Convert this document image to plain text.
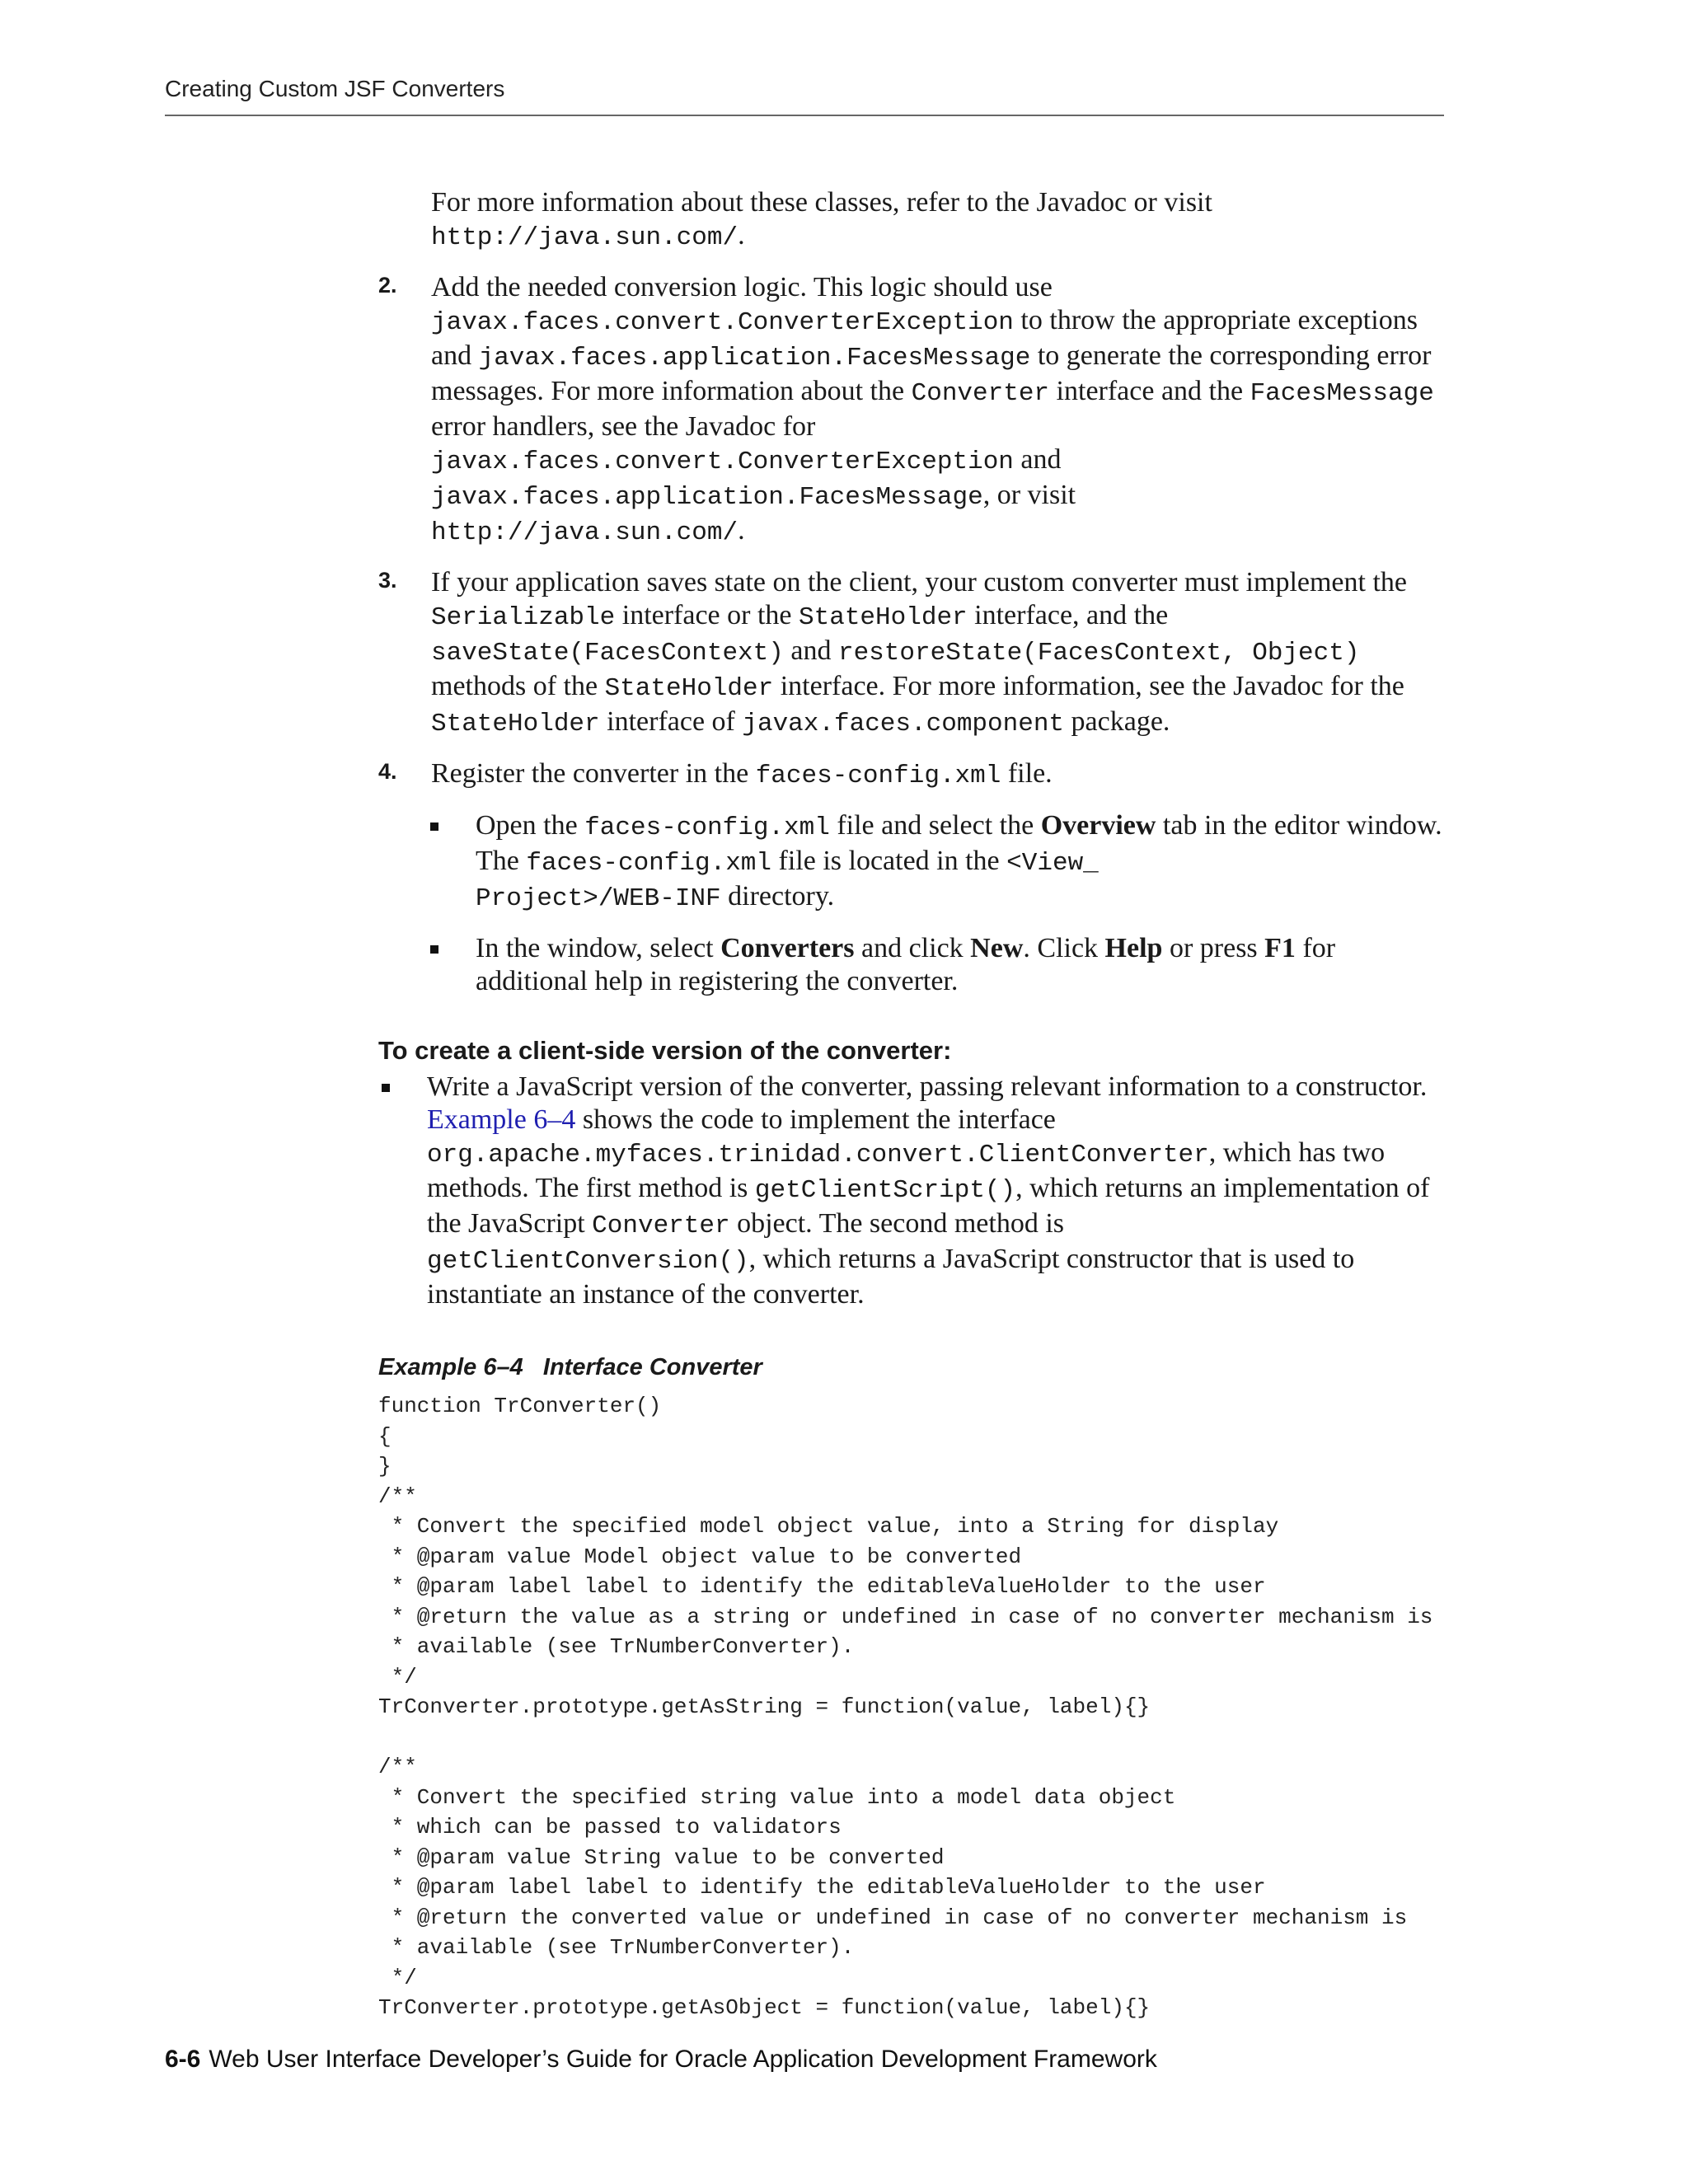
Creating Custom JSF Converters

For more information about these classes, refer to the Javadoc or visit
http://java.sun.com/.

2. Add the needed conversion logic. This logic should use
javax.faces.convert.ConverterException to throw the appropriate exceptions and javax.faces.application.FacesMessage to generate the corresponding error messages. For more information about the Converter interface and the FacesMessage error handlers, see the Javadoc for
javax.faces.convert.ConverterException and
javax.faces.application.FacesMessage, or visit
http://java.sun.com/.

3. If your application saves state on the client, your custom converter must implement the Serializable interface or the StateHolder interface, and the saveState(FacesContext) and restoreState(FacesContext, Object) methods of the StateHolder interface. For more information, see the Javadoc for the StateHolder interface of javax.faces.component package.

4. Register the converter in the faces-config.xml file.

Open the faces-config.xml file and select the Overview tab in the editor window. The faces-config.xml file is located in the <View_
Project>/WEB-INF directory.

In the window, select Converters and click New. Click Help or press F1 for additional help in registering the converter.

To create a client-side version of the converter:

Write a JavaScript version of the converter, passing relevant information to a constructor. Example 6–4 shows the code to implement the interface
org.apache.myfaces.trinidad.convert.ClientConverter, which has two methods. The first method is getClientScript(), which returns an implementation of the JavaScript Converter object. The second method is
getClientConversion(), which returns a JavaScript constructor that is used to instantiate an instance of the converter.

Example 6–4 Interface Converter
function TrConverter()
{
}
/**
* Convert the specified model object value, into a String for display
* @param value Model object value to be converted
* @param label label to identify the editableValueHolder to the user
* @return the value as a string or undefined in case of no converter mechanism is
* available (see TrNumberConverter).
*/
TrConverter.prototype.getAsString = function(value, label){}

/**
* Convert the specified string value into a model data object
* which can be passed to validators
* @param value String value to be converted
* @param label label to identify the editableValueHolder to the user
* @return the converted value or undefined in case of no converter mechanism is
* available (see TrNumberConverter).
*/
TrConverter.prototype.getAsObject = function(value, label){}
6-6 Web User Interface Developer’s Guide for Oracle Application Development Framework
